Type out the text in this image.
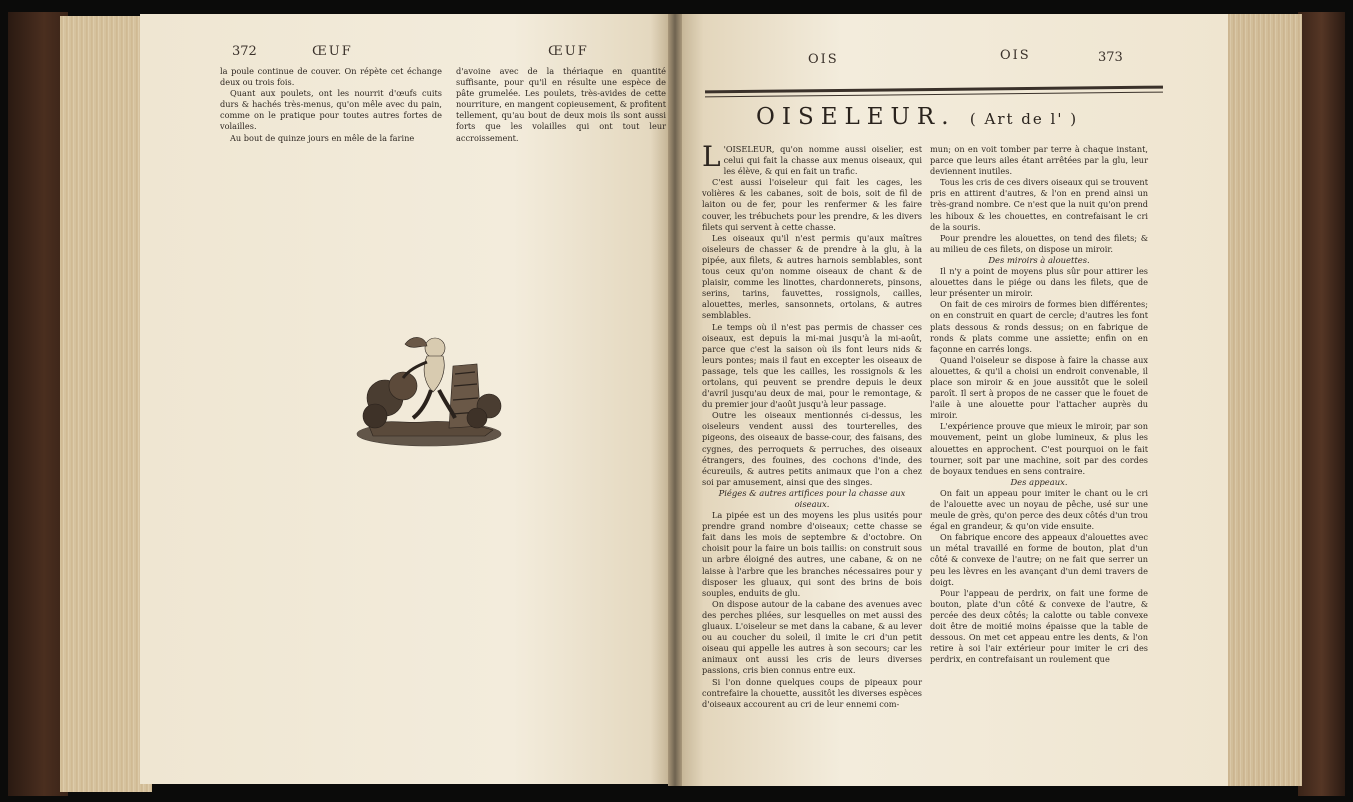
372	ŒUF	ŒUF

la poule continue de couver. On répète cet échange deux ou trois fois.

Quant aux poulets, ont les nourrit d'œufs cuits durs & hachés très-menus, qu'on mêle avec du pain, comme on le pratique pour toutes autres fortes de volailles.

Au bout de quinze jours en mêle de la farine

d'avoine avec de la thériaque en quantité suffisante, pour qu'il en résulte une espèce de pâte grumelée. Les poulets, très-avides de cette nourriture, en mangent copieusement, & profitent tellement, qu'au bout de deux mois ils sont aussi forts que les volailles qui ont tout leur accroissement.

OIS	OIS	373
OISELEUR. ( Art de l' )

L 'OISELEUR, qu'on nomme aussi oiselier, est celui qui fait la chasse aux menus oiseaux, qui les élève, & qui en fait un trafic.

C'est aussi l'oiseleur qui fait les cages, les volières & les cabanes, soit de bois, soit de fil de laiton ou de fer, pour les renfermer & les faire couver, les trébuchets pour les prendre, & les divers filets qui servent à cette chasse.

Les oiseaux qu'il n'est permis qu'aux maîtres oiseleurs de chasser & de prendre à la glu, à la pipée, aux filets, & autres harnois semblables, sont tous ceux qu'on nomme oiseaux de chant & de plaisir, comme les linottes, chardonnerets, pinsons, serins, tarins, fauvettes, rossignols, cailles, alouettes, merles, sansonnets, ortolans, & autres semblables.

Le temps où il n'est pas permis de chasser ces oiseaux, est depuis la mi-mai jusqu'à la mi-août, parce que c'est la saison où ils font leurs nids & leurs pontes; mais il faut en excepter les oiseaux de passage, tels que les cailles, les rossignols & les ortolans, qui peuvent se prendre depuis le deux d'avril jusqu'au deux de mai, pour le remontage, & du premier jour d'août jusqu'à leur passage.

Outre les oiseaux mentionnés ci-dessus, les oiseleurs vendent aussi des tourterelles, des pigeons, des oiseaux de basse-cour, des faisans, des cygnes, des perroquets & perruches, des oiseaux étrangers, des fouines, des cochons d'inde, des écureuils, & autres petits animaux que l'on a chez soi par amusement, ainsi que des singes.

Piéges & autres artifices pour la chasse aux oiseaux.

La pipée est un des moyens les plus usités pour prendre grand nombre d'oiseaux; cette chasse se fait dans les mois de septembre & d'octobre. On choisit pour la faire un bois taillis: on construit sous un arbre éloigné des autres, une cabane, & on ne laisse à l'arbre que les branches nécessaires pour y disposer les gluaux, qui sont des brins de bois souples, enduits de glu.

On dispose autour de la cabane des avenues avec des perches pliées, sur lesquelles on met aussi des gluaux. L'oiseleur se met dans la cabane, & au lever ou au coucher du soleil, il imite le cri d'un petit oiseau qui appelle les autres à son secours; car les animaux ont aussi les cris de leurs diverses passions, cris bien connus entre eux.

Si l'on donne quelques coups de pipeaux pour contrefaire la chouette, aussitôt les diverses espèces d'oiseaux accourent au cri de leur ennemi com-

mun; on en voit tomber par terre à chaque instant, parce que leurs ailes étant arrêtées par la glu, leur deviennent inutiles.

Tous les cris de ces divers oiseaux qui se trouvent pris en attirent d'autres, & l'on en prend ainsi un très-grand nombre. Ce n'est que la nuit qu'on prend les hiboux & les chouettes, en contrefaisant le cri de la souris.

Pour prendre les alouettes, on tend des filets; & au milieu de ces filets, on dispose un miroir.

Des miroirs à alouettes.

Il n'y a point de moyens plus sûr pour attirer les alouettes dans le piége ou dans les filets, que de leur présenter un miroir.

On fait de ces miroirs de formes bien différentes; on en construit en quart de cercle; d'autres les font plats dessous & ronds dessus; on en fabrique de ronds & plats comme une assiette; enfin on en façonne en carrés longs.

Quand l'oiseleur se dispose à faire la chasse aux alouettes, & qu'il a choisi un endroit convenable, il place son miroir & en joue aussitôt que le soleil paroît. Il sert à propos de ne casser que le fouet de l'aile à une alouette pour l'attacher auprès du miroir.

L'expérience prouve que mieux le miroir, par son mouvement, peint un globe lumineux, & plus les alouettes en approchent. C'est pourquoi on le fait tourner, soit par une machine, soit par des cordes de boyaux tendues en sens contraire.

Des appeaux.

On fait un appeau pour imiter le chant ou le cri de l'alouette avec un noyau de pêche, usé sur une meule de grès, qu'on perce des deux côtés d'un trou égal en grandeur, & qu'on vide ensuite.

On fabrique encore des appeaux d'alouettes avec un métal travaillé en forme de bouton, plat d'un côté & convexe de l'autre; on ne fait que serrer un peu les lèvres en les avançant d'un demi travers de doigt.

Pour l'appeau de perdrix, on fait une forme de bouton, plate d'un côté & convexe de l'autre, & percée des deux côtés; la calotte ou table convexe doit être de moitié moins épaisse que la table de dessous. On met cet appeau entre les dents, & l'on retire à soi l'air extérieur pour imiter le cri des perdrix, en contrefaisant un roulement que
